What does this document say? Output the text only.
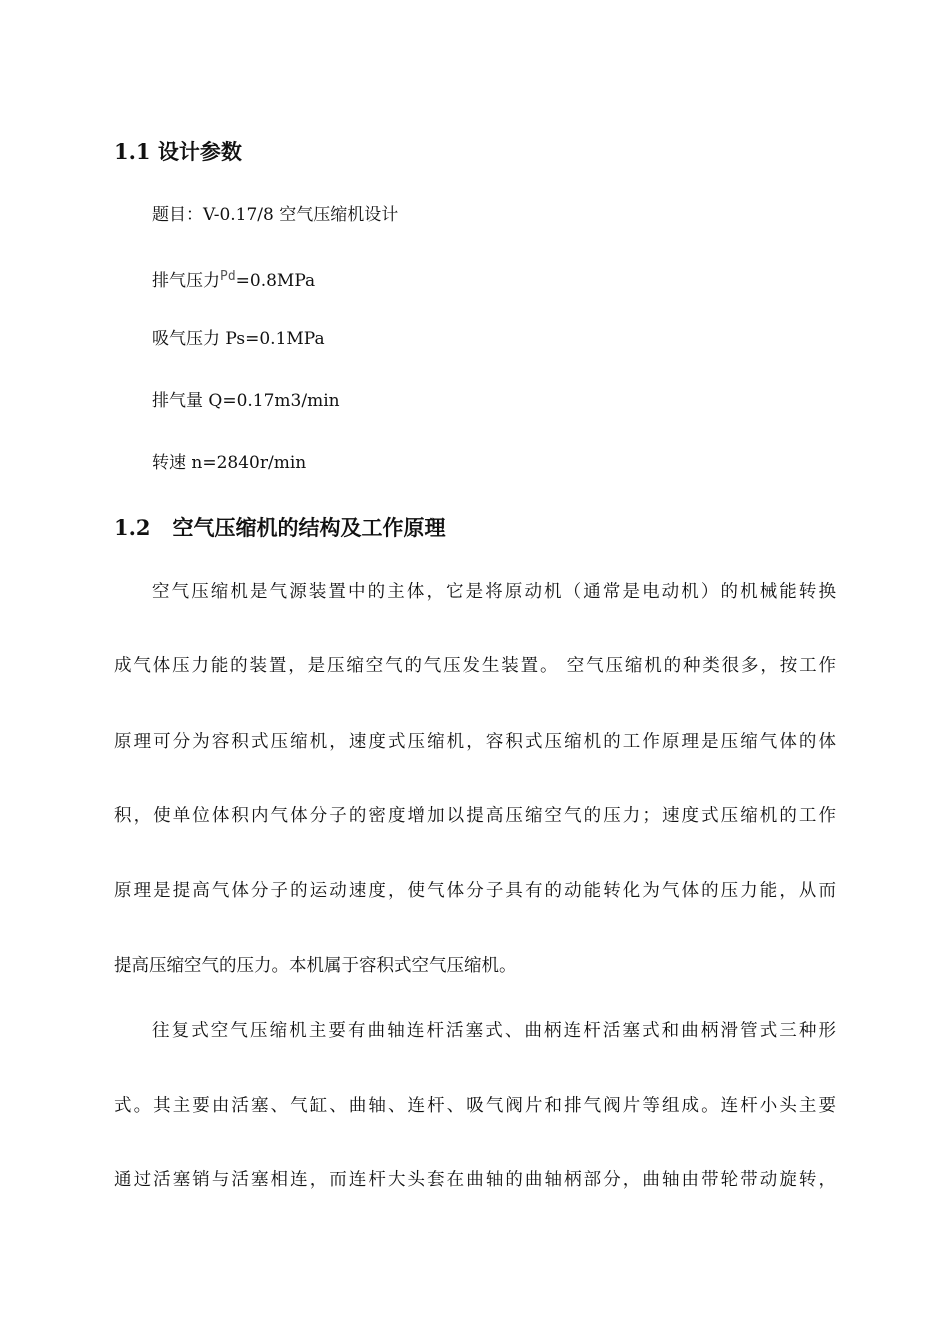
1.1 设计参数

题目：V-0.17/8 空气压缩机设计

排气压力$^{Pd}$=0.8MPa

吸气压力 Ps=0.1MPa

排气量 Q=0.17m3/min

转速 n=2840r/min

1.2 空气压缩机的结构及工作原理

空气压缩机是气源装置中的主体，它是将原动机（通常是电动机）的机械能转换

成气体压力能的装置，是压缩空气的气压发生装置。 空气压缩机的种类很多，按工作

原理可分为容积式压缩机，速度式压缩机，容积式压缩机的工作原理是压缩气体的体

积，使单位体积内气体分子的密度增加以提高压缩空气的压力；速度式压缩机的工作

原理是提高气体分子的运动速度，使气体分子具有的动能转化为气体的压力能，从而

提高压缩空气的压力。本机属于容积式空气压缩机。

往复式空气压缩机主要有曲轴连杆活塞式、曲柄连杆活塞式和曲柄滑管式三种形

式。其主要由活塞、气缸、曲轴、连杆、吸气阀片和排气阀片等组成。连杆小头主要

通过活塞销与活塞相连，而连杆大头套在曲轴的曲轴柄部分，曲轴由带轮带动旋转，
